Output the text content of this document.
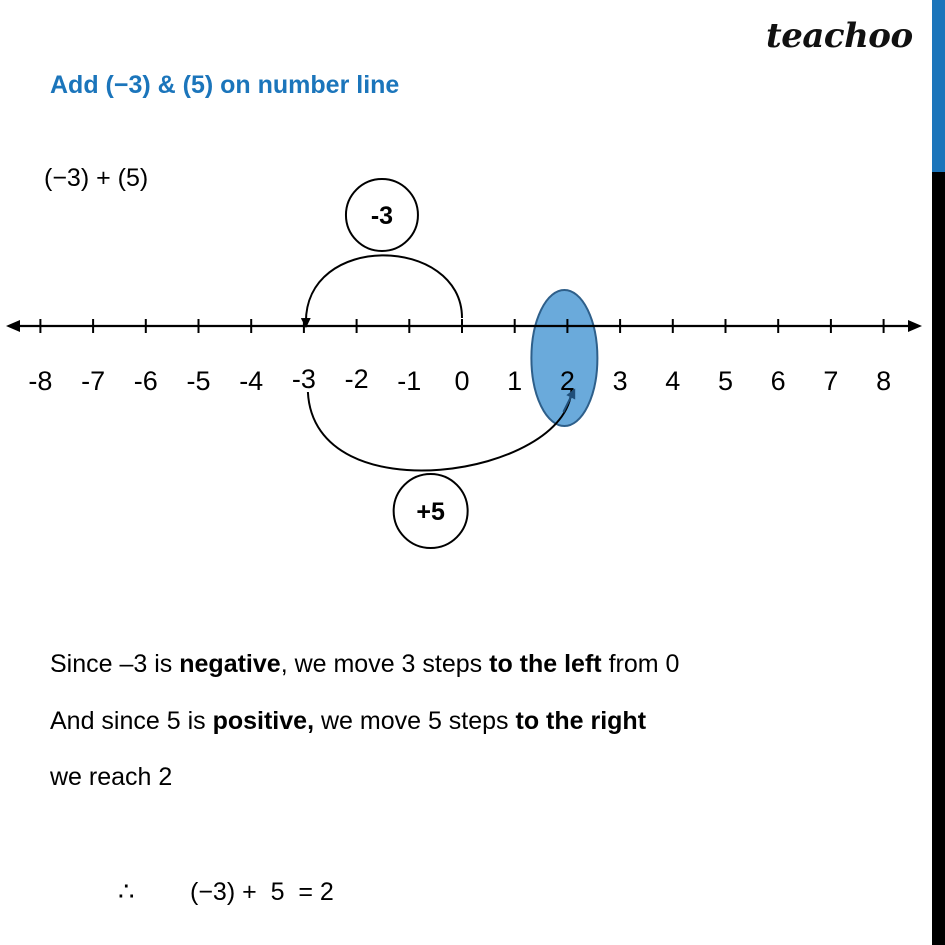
teachoo
Add (−3) & (5) on number line
(−3) + (5)
-8 -7 -6 -5 -4 -3 -2 -1 0 1 2 3 4 5 6 7 8
-3
+5
Since –3 is negative, we move 3 steps to the left from 0
And since 5 is positive, we move 5 steps to the right
we reach 2
∴ (−3) +  5  = 2
